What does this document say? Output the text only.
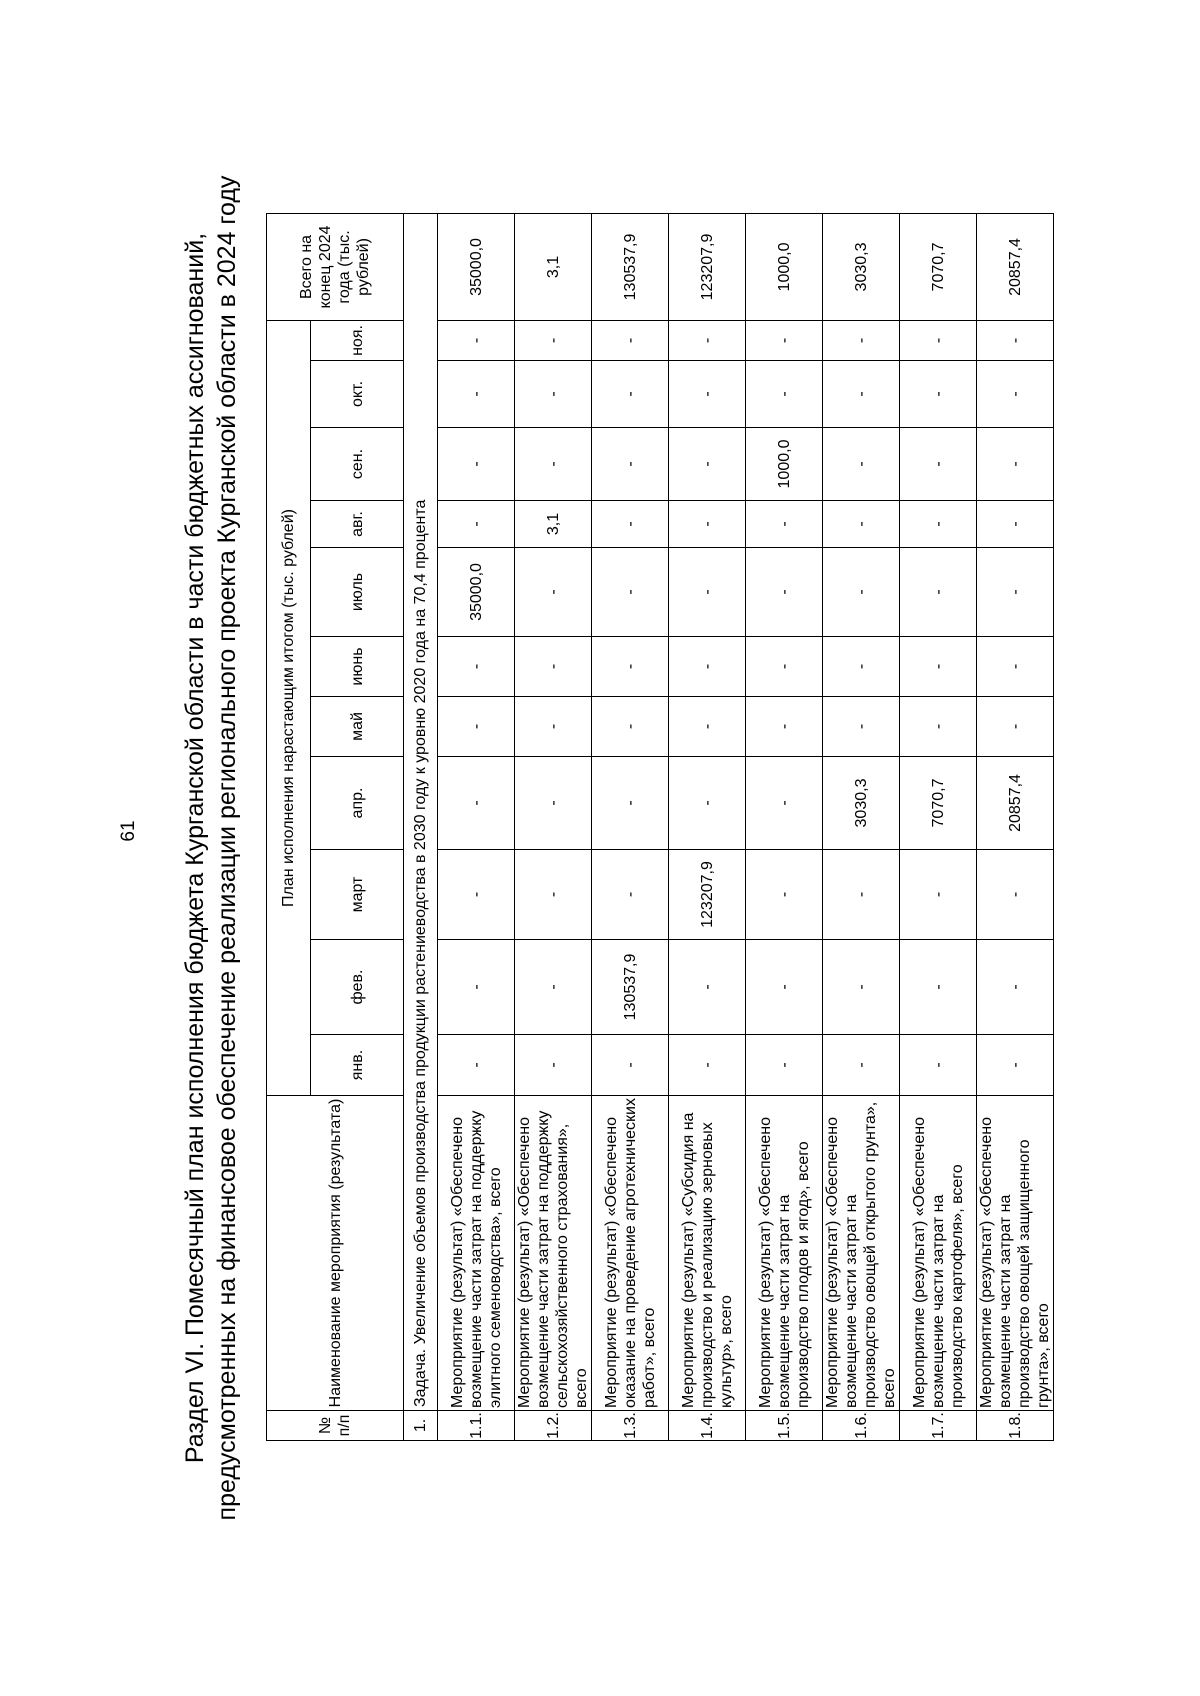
61 Раздел VI. Помесячный план исполнения бюджета Курганской области в части бюджетных ассигнований, предусмотренных на финансовое обеспечение реализации регионального проекта Курганской области в 2024 году	№ п/п	Наименование мероприятия (результата)	План исполнения нарастающим итогом (тыс. рублей)											Всего на конец 2024 года (тыс. рублей)
		янв.	фев.	март	апр.	май	июнь	июль	авг.	сен.	окт.	ноя.	
1.	Задача. Увеличение объемов производства продукции растениеводства в 2030 году к уровню 2020 года на 70,4 процента												
1.1.	Мероприятие (результат) «Обеспечено возмещение части затрат на поддержку элитного семеноводства», всего	-	-	-	-	-	-	35000,0	-	-	-	-	35000,0
1.2.	Мероприятие (результат) «Обеспечено возмещение части затрат на поддержку сельскохозяйственного страхования», всего	-	-	-	-	-	-	-	3,1	-	-	-	3,1
1.3.	Мероприятие (результат) «Обеспечено оказание на проведение агротехнических работ», всего	-	130537,9	-	-	-	-	-	-	-	-	-	130537,9
1.4.	Мероприятие (результат) «Субсидия на производство и реализацию зерновых культур», всего	-	-	123207,9	-	-	-	-	-	-	-	-	123207,9
1.5.	Мероприятие (результат) «Обеспечено возмещение части затрат на производство плодов и ягод», всего	-	-	-	-	-	-	-	-	1000,0	-	-	1000,0
1.6.	Мероприятие (результат) «Обеспечено возмещение части затрат на производство овощей открытого грунта», всего	-	-	-	3030,3	-	-	-	-	-	-	-	3030,3
1.7.	Мероприятие (результат) «Обеспечено возмещение части затрат на производство картофеля», всего	-	-	-	7070,7	-	-	-	-	-	-	-	7070,7
1.8.	Мероприятие (результат) «Обеспечено возмещение части затрат на производство овощей защищенного грунта», всего	-	-	-	20857,4	-	-	-	-	-	-	-	20857,4
